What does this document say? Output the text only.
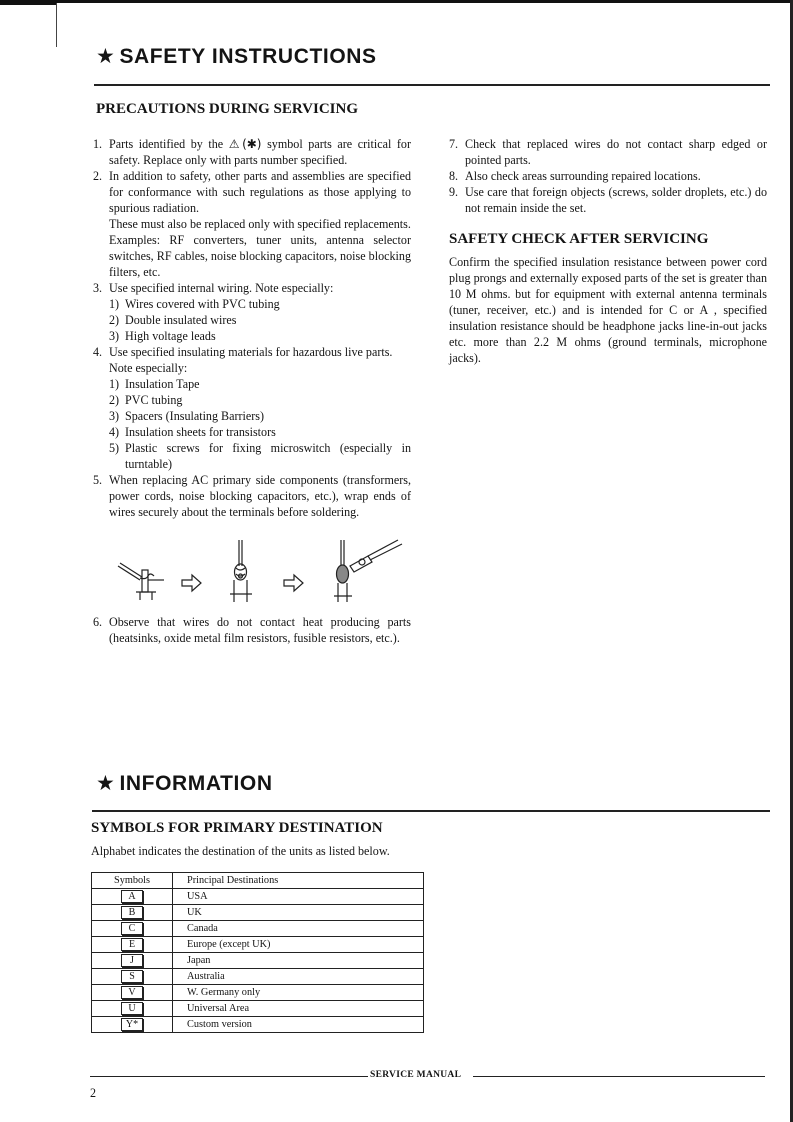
★ SAFETY INSTRUCTIONS
PRECAUTIONS DURING SERVICING
1. Parts identified by the ⚠(✱) symbol parts are critical for safety. Replace only with parts number specified.
2. In addition to safety, other parts and assemblies are specified for conformance with such regulations as those applying to spurious radiation.
These must also be replaced only with specified replacements.
Examples: RF converters, tuner units, antenna selector switches, RF cables, noise blocking capacitors, noise blocking filters, etc.
3. Use specified internal wiring. Note especially:
1) Wires covered with PVC tubing
2) Double insulated wires
3) High voltage leads
4. Use specified insulating materials for hazardous live parts.
Note especially:
1) Insulation Tape
2) PVC tubing
3) Spacers (Insulating Barriers)
4) Insulation sheets for transistors
5) Plastic screws for fixing microswitch (especially in turntable)
5. When replacing AC primary side components (transformers, power cords, noise blocking capacitors, etc.), wrap ends of wires securely about the terminals before soldering.
6. Observe that wires do not contact heat producing parts (heatsinks, oxide metal film resistors, fusible resistors, etc.).
7. Check that replaced wires do not contact sharp edged or pointed parts.
8. Also check areas surrounding repaired locations.
9. Use care that foreign objects (screws, solder droplets, etc.) do not remain inside the set.
SAFETY CHECK AFTER SERVICING
Confirm the specified insulation resistance between power cord plug prongs and externally exposed parts of the set is greater than 10 M ohms. but for equipment with external antenna terminals (tuner, receiver, etc.) and is intended for C or A , specified insulation resistance should be headphone jacks line-in-out jacks etc. more than 2.2 M ohms (ground terminals, microphone jacks).
★ INFORMATION
SYMBOLS FOR PRIMARY DESTINATION
Alphabet indicates the destination of the units as listed below.
Symbols	Principal Destinations
A	USA
B	UK
C	Canada
E	Europe (except UK)
J	Japan
S	Australia
V	W. Germany only
U	Universal Area
Y*	Custom version
SERVICE MANUAL
2
